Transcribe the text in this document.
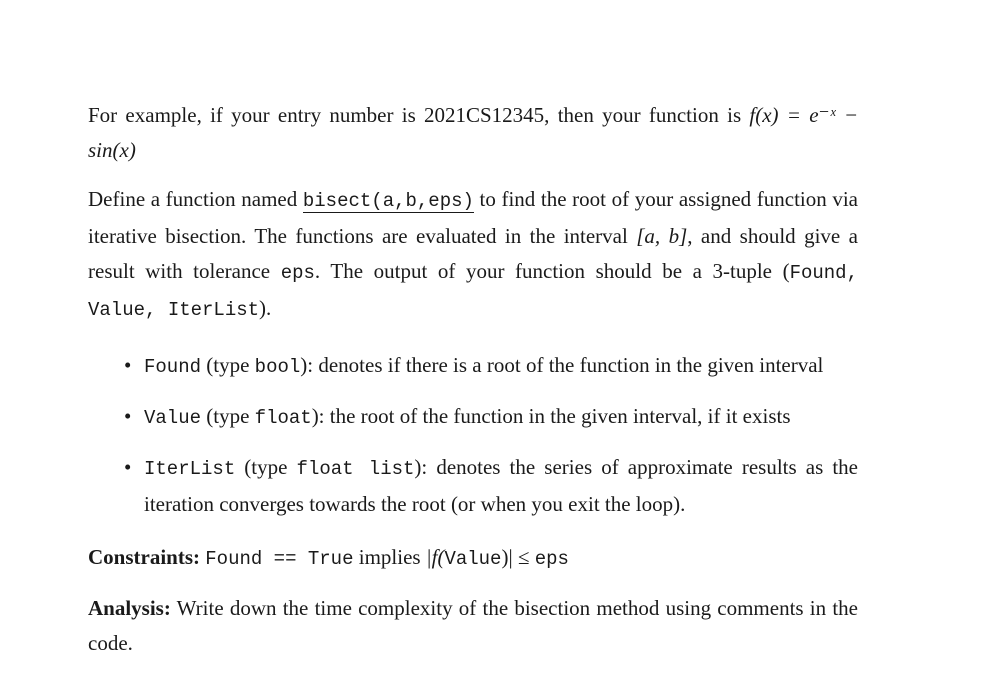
For example, if your entry number is 2021CS12345, then your function is f(x) = e⁻ˣ − sin(x)

Define a function named bisect(a,b,eps) to find the root of your assigned function via iterative bisection. The functions are evaluated in the interval [a, b], and should give a result with tolerance eps. The output of your function should be a 3-tuple (Found, Value, IterList).

• Found (type bool): denotes if there is a root of the function in the given interval
• Value (type float): the root of the function in the given interval, if it exists
• IterList (type float list): denotes the series of approximate results as the iteration converges towards the root (or when you exit the loop).

Constraints: Found == True implies |f(Value)| ≤ eps

Analysis: Write down the time complexity of the bisection method using comments in the code.
